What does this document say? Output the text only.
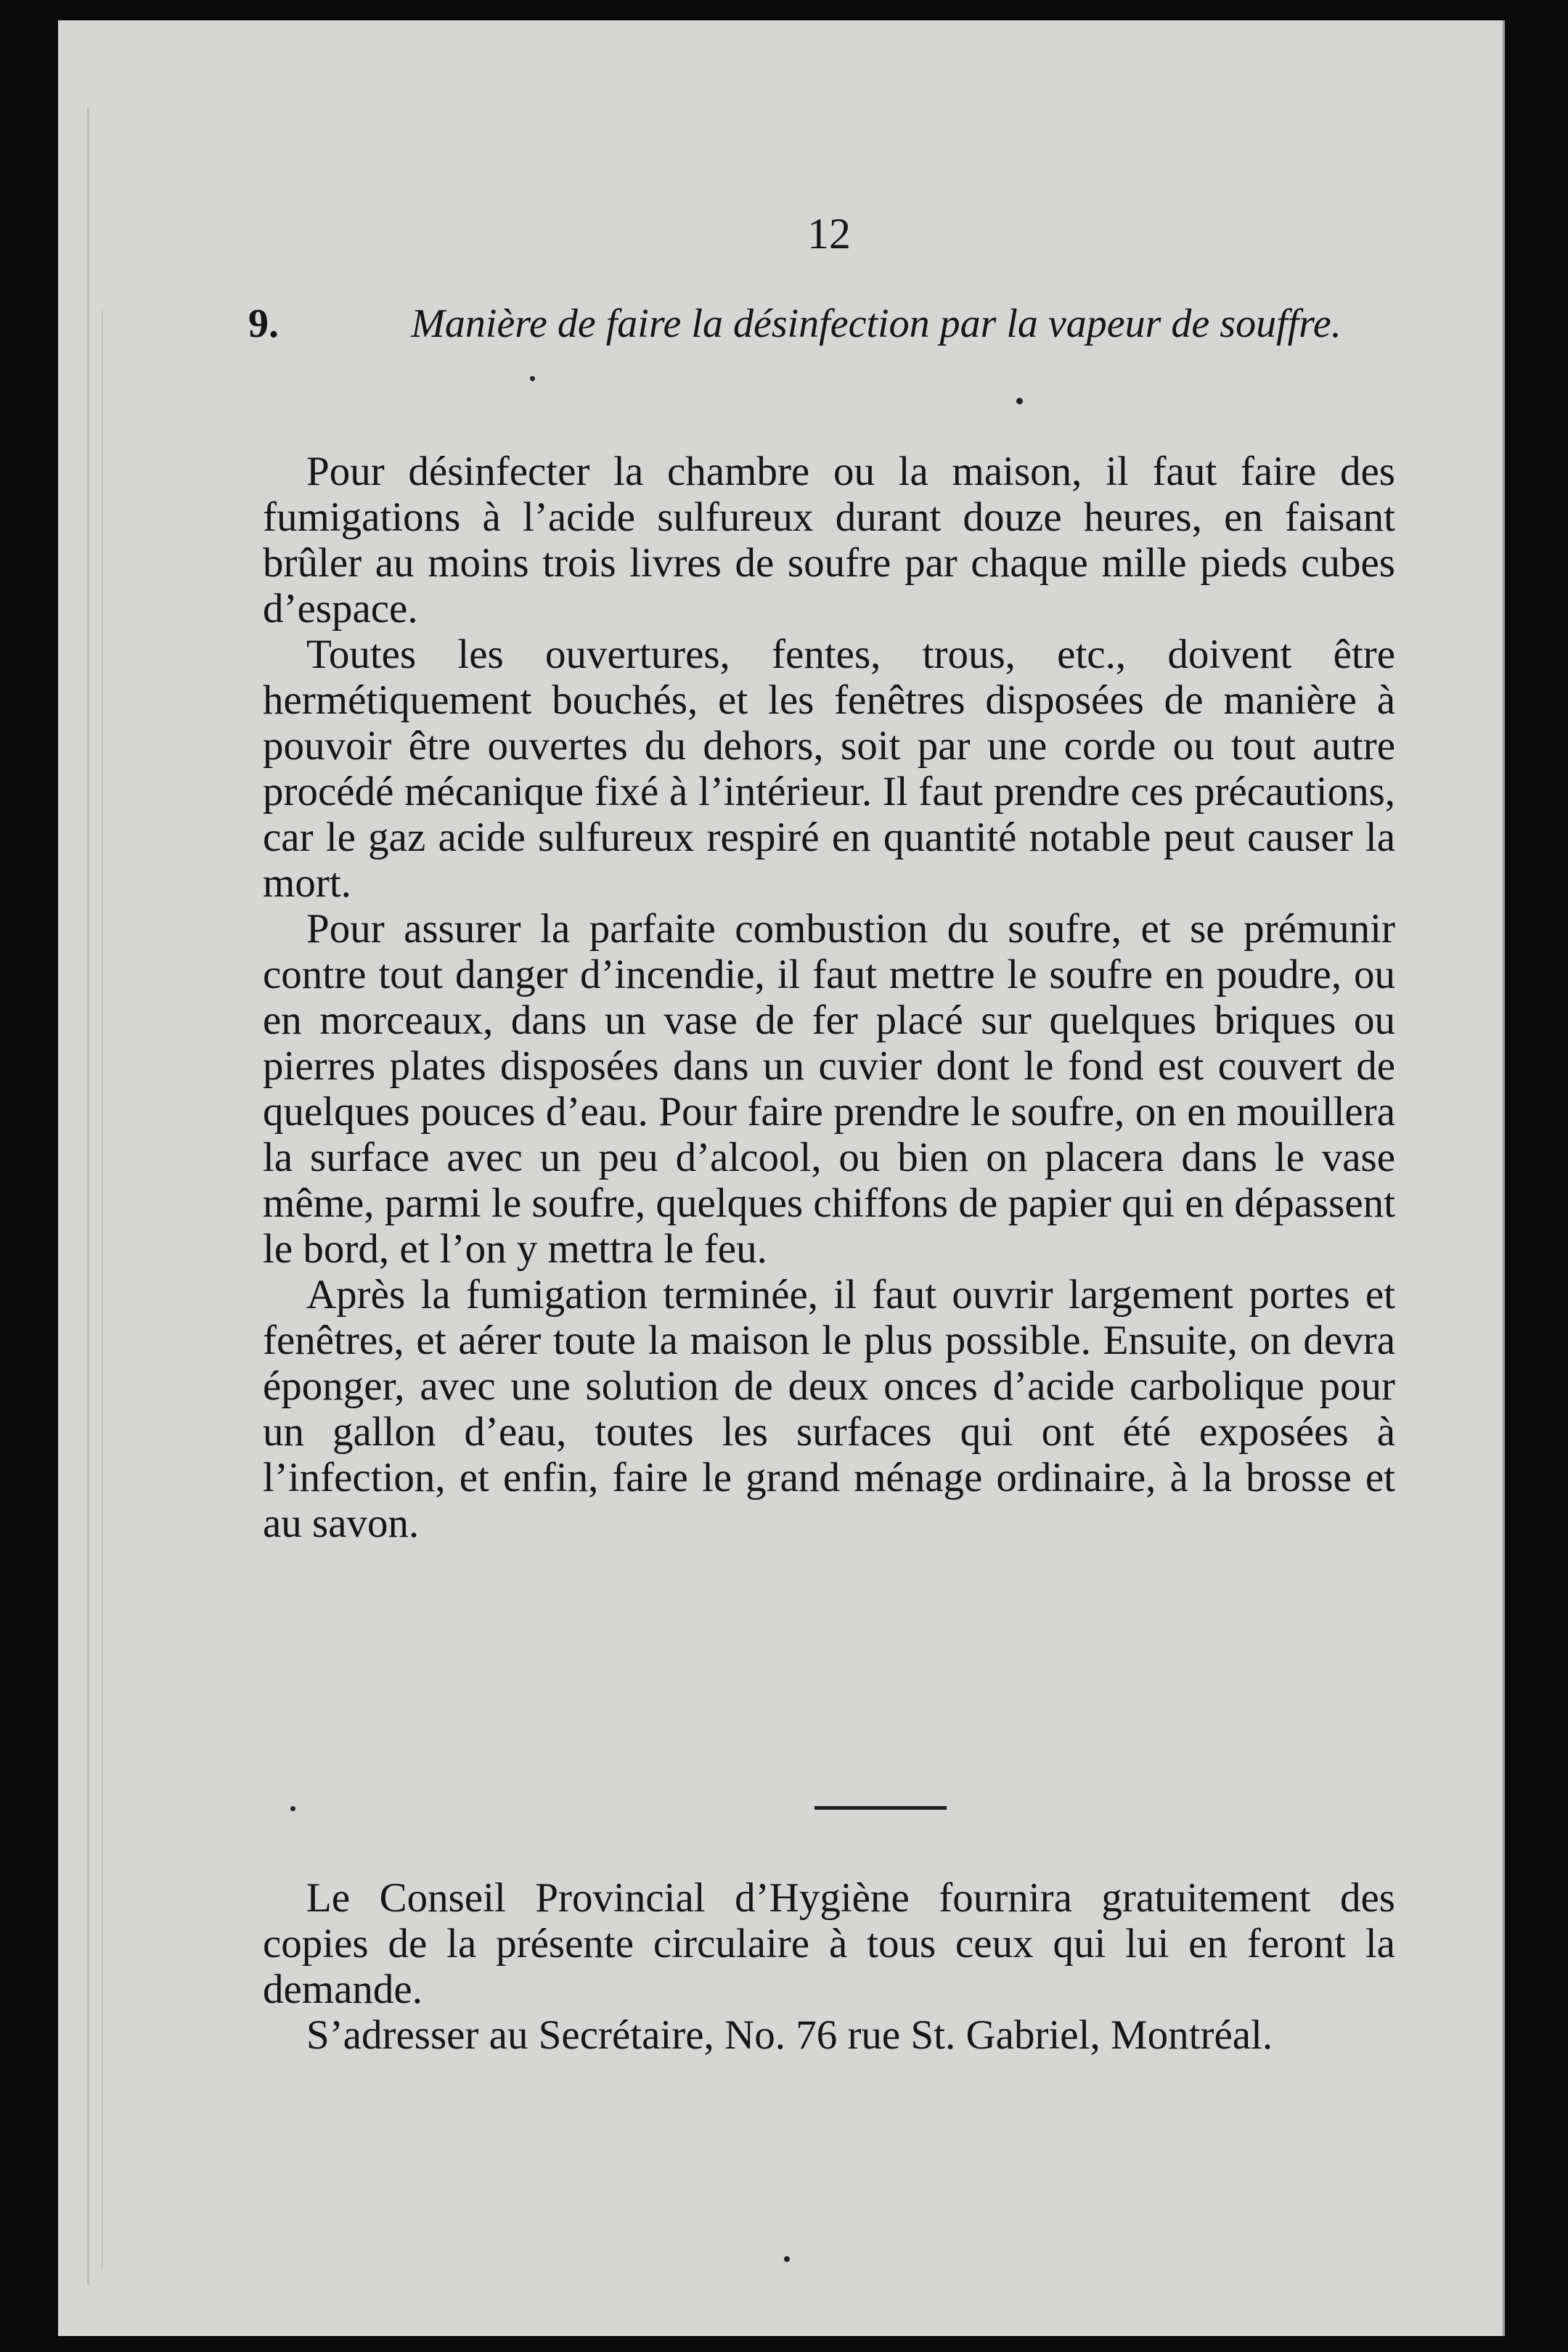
12
9.	Manière de faire la désinfection par la vapeur de souffre.

Pour désinfecter la chambre ou la maison, il faut faire des fumigations à l’acide sulfureux durant douze heures, en faisant brûler au moins trois livres de soufre par chaque mille pieds cubes d’espace.

Toutes les ouvertures, fentes, trous, etc., doivent être hermétiquement bouchés, et les fenêtres disposées de manière à pouvoir être ouvertes du dehors, soit par une corde ou tout autre procédé mécanique fixé à l’intérieur. Il faut prendre ces précautions, car le gaz acide sulfureux respiré en quantité notable peut causer la mort.

Pour assurer la parfaite combustion du soufre, et se prémunir contre tout danger d’incendie, il faut mettre le soufre en poudre, ou en morceaux, dans un vase de fer placé sur quelques briques ou pierres plates disposées dans un cuvier dont le fond est couvert de quelques pouces d’eau. Pour faire prendre le soufre, on en mouillera la surface avec un peu d’alcool, ou bien on placera dans le vase même, parmi le soufre, quelques chiffons de papier qui en dépassent le bord, et l’on y mettra le feu.

Après la fumigation terminée, il faut ouvrir largement portes et fenêtres, et aérer toute la maison le plus possible. Ensuite, on devra éponger, avec une solution de deux onces d’acide carbolique pour un gallon d’eau, toutes les surfaces qui ont été exposées à l’infection, et enfin, faire le grand ménage ordinaire, à la brosse et au savon.

Le Conseil Provincial d’Hygiène fournira gratuitement des copies de la présente circulaire à tous ceux qui lui en feront la demande.

S’adresser au Secrétaire, No. 76 rue St. Gabriel, Montréal.
